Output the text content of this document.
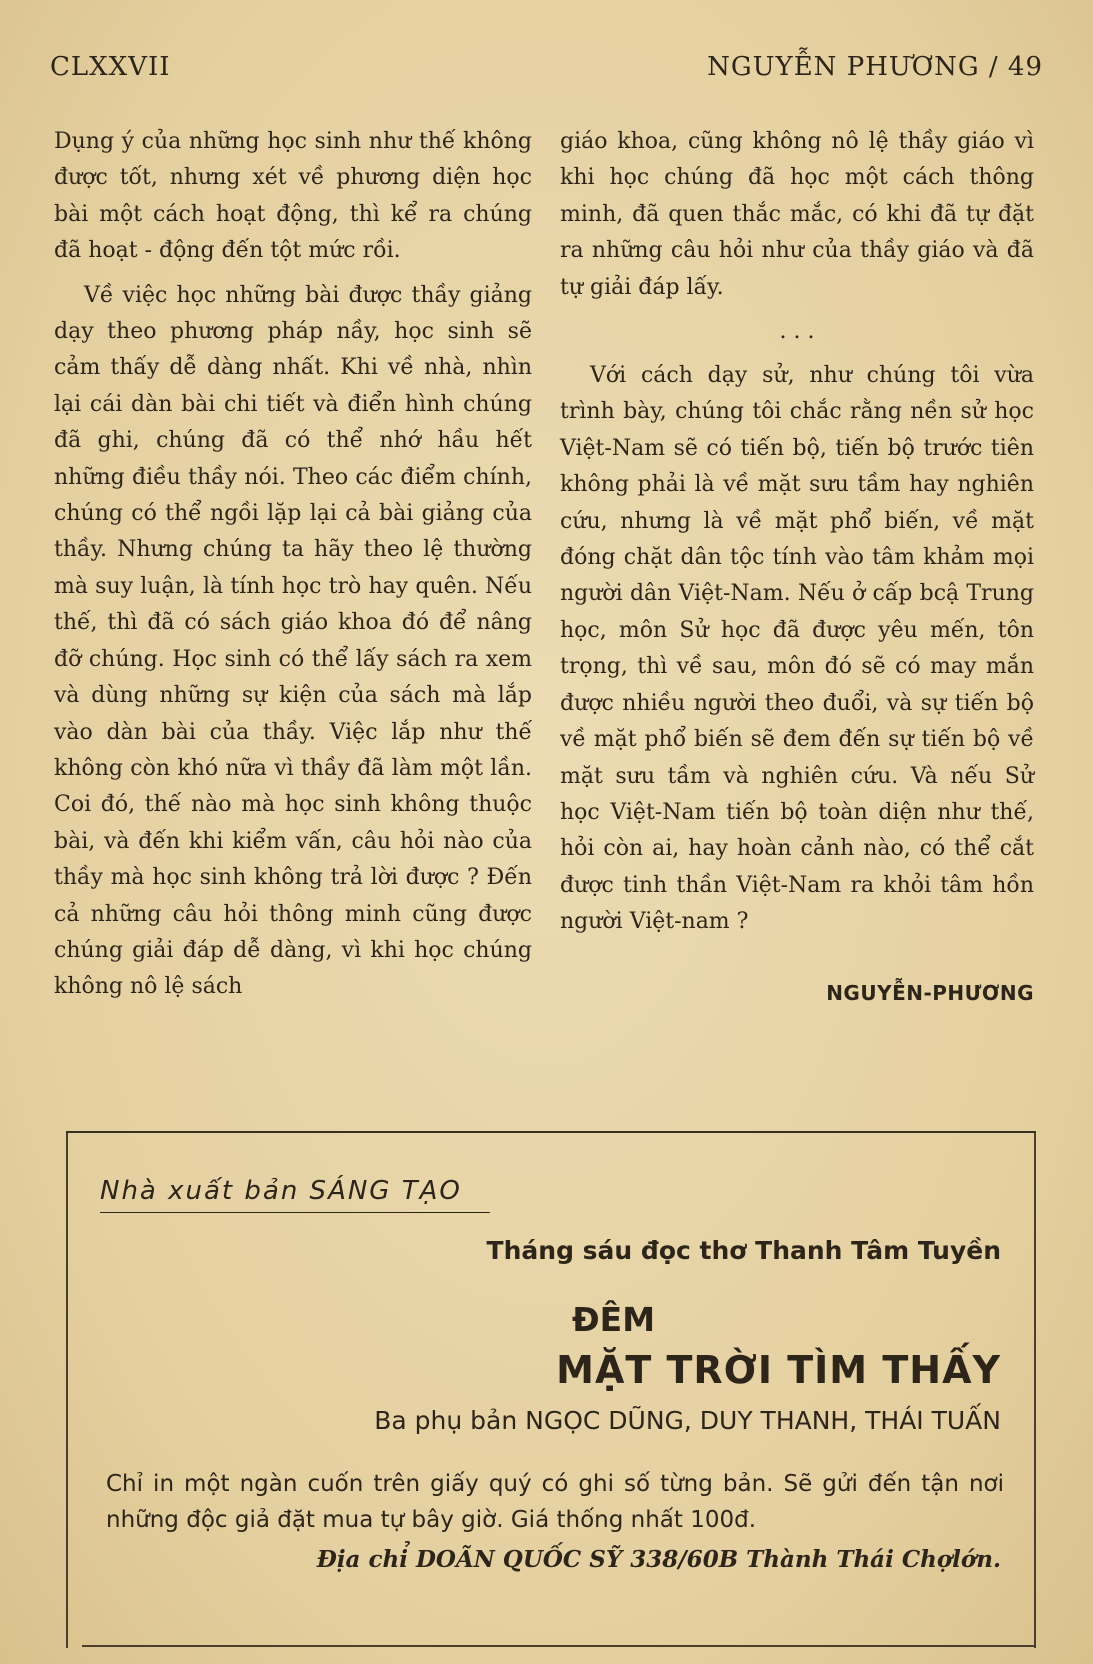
CLXXVII	NGUYỄN PHƯƠNG / 49

Dụng ý của những học sinh như thế không được tốt, nhưng xét về phương diện học bài một cách hoạt động, thì kể ra chúng đã hoạt - động đến tột mức rồi.

Về việc học những bài được thầy giảng dạy theo phương pháp nầy, học sinh sẽ cảm thấy dễ dàng nhất. Khi về nhà, nhìn lại cái dàn bài chi tiết và điển hình chúng đã ghi, chúng đã có thể nhớ hầu hết những điều thầy nói. Theo các điểm chính, chúng có thể ngồi lặp lại cả bài giảng của thầy. Nhưng chúng ta hãy theo lệ thường mà suy luận, là tính học trò hay quên. Nếu thế, thì đã có sách giáo khoa đó để nâng đỡ chúng. Học sinh có thể lấy sách ra xem và dùng những sự kiện của sách mà lắp vào dàn bài của thầy. Việc lắp như thế không còn khó nữa vì thầy đã làm một lần. Coi đó, thế nào mà học sinh không thuộc bài, và đến khi kiểm vấn, câu hỏi nào của thầy mà học sinh không trả lời được ? Đến cả những câu hỏi thông minh cũng được chúng giải đáp dễ dàng, vì khi học chúng không nô lệ sách

giáo khoa, cũng không nô lệ thầy giáo vì khi học chúng đã học một cách thông minh, đã quen thắc mắc, có khi đã tự đặt ra những câu hỏi như của thầy giáo và đã tự giải đáp lấy.

. . .

Với cách dạy sử, như chúng tôi vừa trình bày, chúng tôi chắc rằng nền sử học Việt-Nam sẽ có tiến bộ, tiến bộ trước tiên không phải là về mặt sưu tầm hay nghiên cứu, nhưng là về mặt phổ biến, về mặt đóng chặt dân tộc tính vào tâm khảm mọi người dân Việt-Nam. Nếu ở cấp bcậ Trung học, môn Sử học đã được yêu mến, tôn trọng, thì về sau, môn đó sẽ có may mắn được nhiều người theo đuổi, và sự tiến bộ về mặt phổ biến sẽ đem đến sự tiến bộ về mặt sưu tầm và nghiên cứu. Và nếu Sử học Việt-Nam tiến bộ toàn diện như thế, hỏi còn ai, hay hoàn cảnh nào, có thể cắt được tinh thần Việt-Nam ra khỏi tâm hồn người Việt-nam ?

NGUYỄN-PHƯƠNG
Nhà xuất bản SÁNG TẠO
Tháng sáu đọc thơ Thanh Tâm Tuyền
ĐÊM
MẶT TRỜI TÌM THẤY
Ba phụ bản NGỌC DŨNG, DUY THANH, THÁI TUẤN
Chỉ in một ngàn cuốn trên giấy quý có ghi số từng bản. Sẽ gửi đến tận nơi những độc giả đặt mua tự bây giờ. Giá thống nhất 100đ.
Địa chỉ DOÃN QUỐC SỸ 338/60B Thành Thái Chợlớn.
